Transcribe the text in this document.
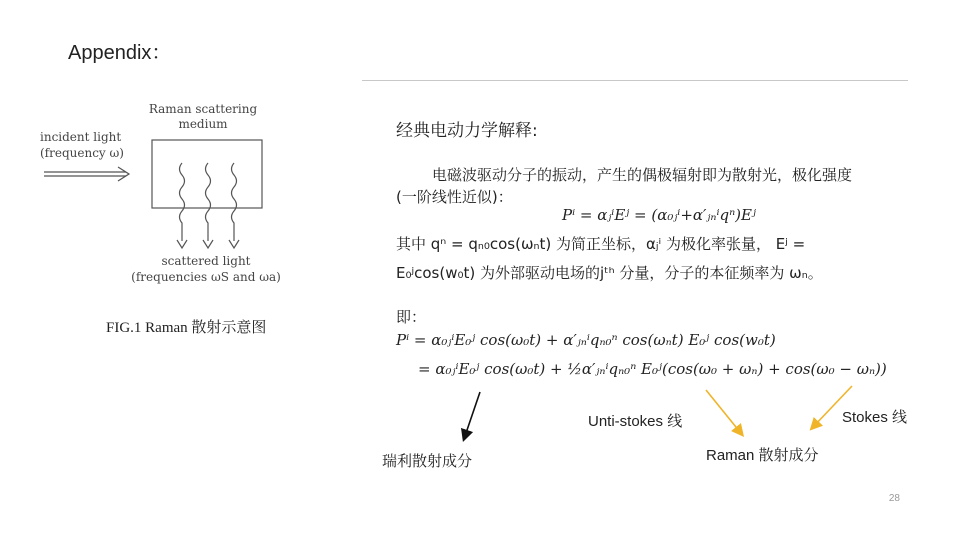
Appendix：
Raman scattering
medium
incident light
(frequency ω)
scattered light
(frequencies ωS and ωa)
FIG.1 Raman 散射示意图
经典电动力学解释:
电磁波驱动分子的振动，产生的偶极辐射即为散射光，极化强度
(一阶线性近似)：
Pⁱ = αⱼⁱEʲ = (α₀ⱼⁱ+α′ⱼₙⁱqⁿ)Eʲ
其中 qⁿ = qₙ₀cos(ωₙt) 为简正坐标，αⱼⁱ 为极化率张量， Eʲ =
E₀ʲcos(w₀t) 为外部驱动电场的jᵗʰ 分量，分子的本征频率为 ωₙ。
即：
Pⁱ = α₀ⱼⁱE₀ʲ cos(ω₀t) + α′ⱼₙⁱqₙ₀ⁿ cos(ωₙt) E₀ʲ cos(w₀t)
= α₀ⱼⁱE₀ʲ cos(ω₀t) + ½α′ⱼₙⁱqₙ₀ⁿ E₀ʲ(cos(ω₀ + ωₙ) + cos(ω₀ − ωₙ))
Unti-stokes 线	Stokes 线
瑞利散射成分	Raman 散射成分
28
